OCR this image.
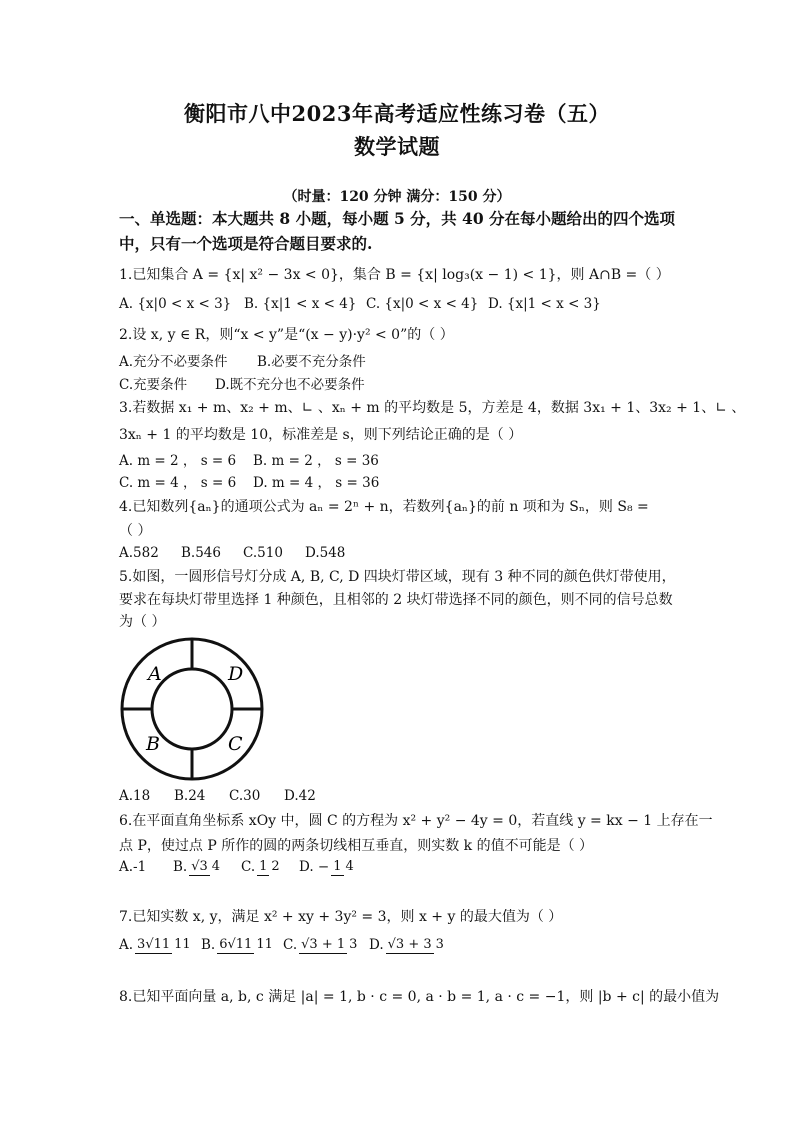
衡阳市八中2023年高考适应性练习卷（五）
数学试题
（时量：120 分钟 满分：150 分）
一、单选题：本大题共 8 小题，每小题 5 分，共 40 分在每小题给出的四个选项中，只有一个选项是符合题目要求的.
1.已知集合 A = {x| x² − 3x < 0}，集合 B = {x| log₃(x − 1) < 1}，则 A∩B =（ ）
A. {x|0 < x < 3} B. {x|1 < x < 4} C. {x|0 < x < 4} D. {x|1 < x < 3}
2.设 x, y ∈ R，则“x < y”是“(x − y)·y² < 0”的（ ）
A.充分不必要条件 B.必要不充分条件
C.充要条件 D.既不充分也不必要条件
3.若数据 x₁ + m、x₂ + m、∟ 、xₙ + m 的平均数是 5，方差是 4，数据 3x₁ + 1、3x₂ + 1、∟ 、
3xₙ + 1 的平均数是 10，标准差是 s，则下列结论正确的是（ ）
A. m = 2 ， s = 6 B. m = 2 ， s = 36
C. m = 4 ， s = 6 D. m = 4 ， s = 36
4.已知数列{aₙ}的通项公式为 aₙ = 2ⁿ + n，若数列{aₙ}的前 n 项和为 Sₙ，则 S₈ =
（ ）
A.582 B.546 C.510 D.548
5.如图，一圆形信号灯分成 A, B, C, D 四块灯带区域，现有 3 种不同的颜色供灯带使用，
要求在每块灯带里选择 1 种颜色，且相邻的 2 块灯带选择不同的颜色，则不同的信号总数
为（ ）
A	D
B	C
A.18 B.24 C.30 D.42
6.在平面直角坐标系 xOy 中，圆 C 的方程为 x² + y² − 4y = 0，若直线 y = kx − 1 上存在一
点 P，使过点 P 所作的圆的两条切线相互垂直，则实数 k 的值不可能是（ ）
A.-1 B. √3 4 C. 1 2 D. − 1 4
7.已知实数 x, y，满足 x² + xy + 3y² = 3，则 x + y 的最大值为（ ）
A. 3√11 11 B. 6√11 11 C. √3 + 1 3 D. √3 + 3 3
8.已知平面向量 a, b, c 满足 |a| = 1, b · c = 0, a · b = 1, a · c = −1，则 |b + c| 的最小值为
